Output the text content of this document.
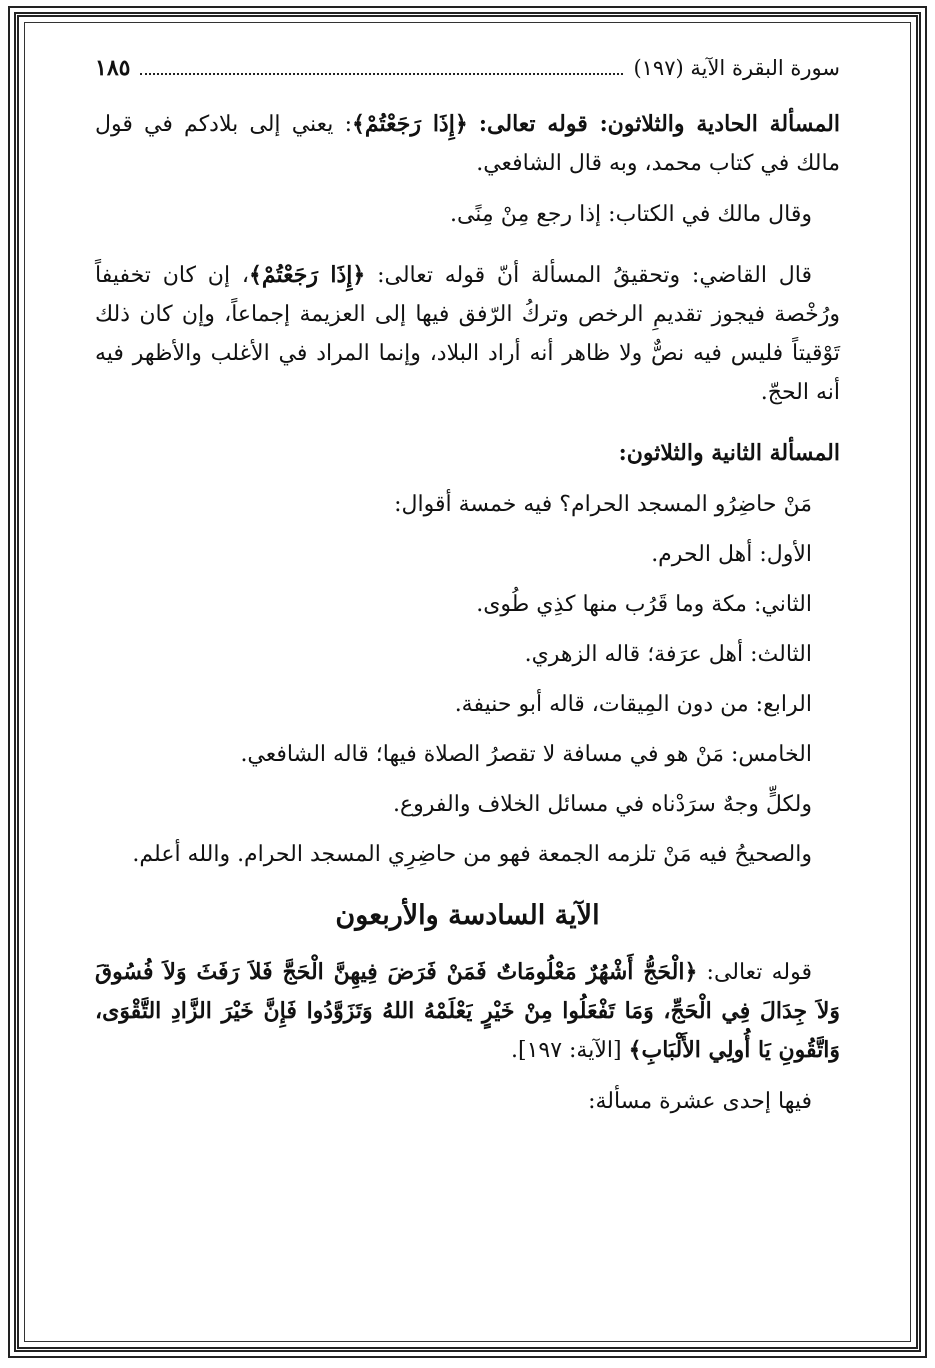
سورة البقرة الآية (١٩٧)
١٨٥

المسألة الحادية والثلاثون: قوله تعالى: ﴿إِذَا رَجَعْتُمْ﴾: يعني إلى بلادكم في قول مالك في كتاب محمد، وبه قال الشافعي.

وقال مالك في الكتاب: إذا رجع مِنْ مِنًى.

قال القاضي: وتحقيقُ المسألة أنّ قوله تعالى: ﴿إِذَا رَجَعْتُمْ﴾، إن كان تخفيفاً ورُخْصة فيجوز تقديمِ الرخص وتركُ الرّفق فيها إلى العزيمة إجماعاً، وإن كان ذلك تَوْقيتاً فليس فيه نصٌّ ولا ظاهر أنه أراد البلاد، وإنما المراد في الأغلب والأظهر فيه أنه الحجّ.

المسألة الثانية والثلاثون:

مَنْ حاضِرُو المسجد الحرام؟ فيه خمسة أقوال:

الأول: أهل الحرم.

الثاني: مكة وما قَرُب منها كذِي طُوى.

الثالث: أهل عرَفة؛ قاله الزهري.

الرابع: من دون المِيقات، قاله أبو حنيفة.

الخامس: مَنْ هو في مسافة لا تقصرُ الصلاة فيها؛ قاله الشافعي.

ولكلٍّ وجهٌ سرَدْناه في مسائل الخلاف والفروع.

والصحيحُ فيه مَنْ تلزمه الجمعة فهو من حاضِرِي المسجد الحرام. والله أعلم.

الآية السادسة والأربعون

قوله تعالى: ﴿الْحَجُّ أَشْهُرٌ مَعْلُومَاتٌ فَمَنْ فَرَضَ فِيهِنَّ الْحَجَّ فَلاَ رَفَثَ وَلاَ فُسُوقَ وَلاَ جِدَالَ فِي الْحَجِّ، وَمَا تَفْعَلُوا مِنْ خَيْرٍ يَعْلَمْهُ اللهُ وَتَزَوَّدُوا فَإِنَّ خَيْرَ الزَّادِ التَّقْوَى، وَاتَّقُونِ يَا أُولِي الأَلْبَابِ﴾ [الآية: ١٩٧].

فيها إحدى عشرة مسألة:
